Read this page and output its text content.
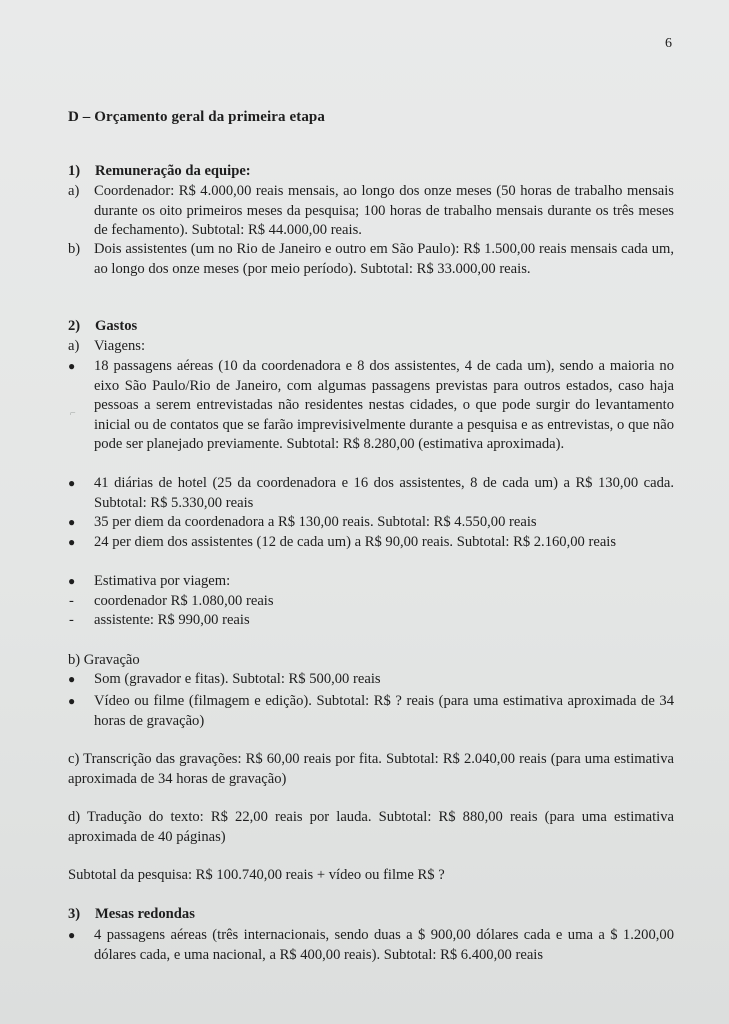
6
D – Orçamento geral da primeira etapa
1) Remuneração da equipe:
a) Coordenador: R$ 4.000,00 reais mensais, ao longo dos onze meses (50 horas de trabalho mensais durante os oito primeiros meses da pesquisa; 100 horas de trabalho mensais durante os três meses de fechamento). Subtotal: R$ 44.000,00 reais.
b) Dois assistentes (um no Rio de Janeiro e outro em São Paulo): R$ 1.500,00 reais mensais cada um, ao longo dos onze meses (por meio período). Subtotal: R$ 33.000,00 reais.
2) Gastos
a) Viagens:
● 18 passagens aéreas (10 da coordenadora e 8 dos assistentes, 4 de cada um), sendo a maioria no eixo São Paulo/Rio de Janeiro, com algumas passagens previstas para outros estados, caso haja pessoas a serem entrevistadas não residentes nestas cidades, o que pode surgir do levantamento inicial ou de contatos que se farão imprevisivelmente durante a pesquisa e as entrevistas, o que não pode ser planejado previamente. Subtotal: R$ 8.280,00 (estimativa aproximada).
⌐
● 41 diárias de hotel (25 da coordenadora e 16 dos assistentes, 8 de cada um) a R$ 130,00 cada. Subtotal: R$ 5.330,00 reais
● 35 per diem da coordenadora a R$ 130,00 reais. Subtotal: R$ 4.550,00 reais
● 24 per diem dos assistentes (12 de cada um) a R$ 90,00 reais. Subtotal: R$ 2.160,00 reais
● Estimativa por viagem:
- coordenador R$ 1.080,00 reais
- assistente: R$ 990,00 reais
b) Gravação
● Som (gravador e fitas). Subtotal: R$ 500,00 reais
● Vídeo ou filme (filmagem e edição). Subtotal: R$ ? reais (para uma estimativa aproximada de 34 horas de gravação)
c) Transcrição das gravações: R$ 60,00 reais por fita. Subtotal: R$ 2.040,00 reais (para uma estimativa aproximada de 34 horas de gravação)
d) Tradução do texto: R$ 22,00 reais por lauda. Subtotal: R$ 880,00 reais (para uma estimativa aproximada de 40 páginas)
Subtotal da pesquisa: R$ 100.740,00 reais + vídeo ou filme R$ ?
3) Mesas redondas
● 4 passagens aéreas (três internacionais, sendo duas a $ 900,00 dólares cada e uma a $ 1.200,00 dólares cada, e uma nacional, a R$ 400,00 reais). Subtotal: R$ 6.400,00 reais
